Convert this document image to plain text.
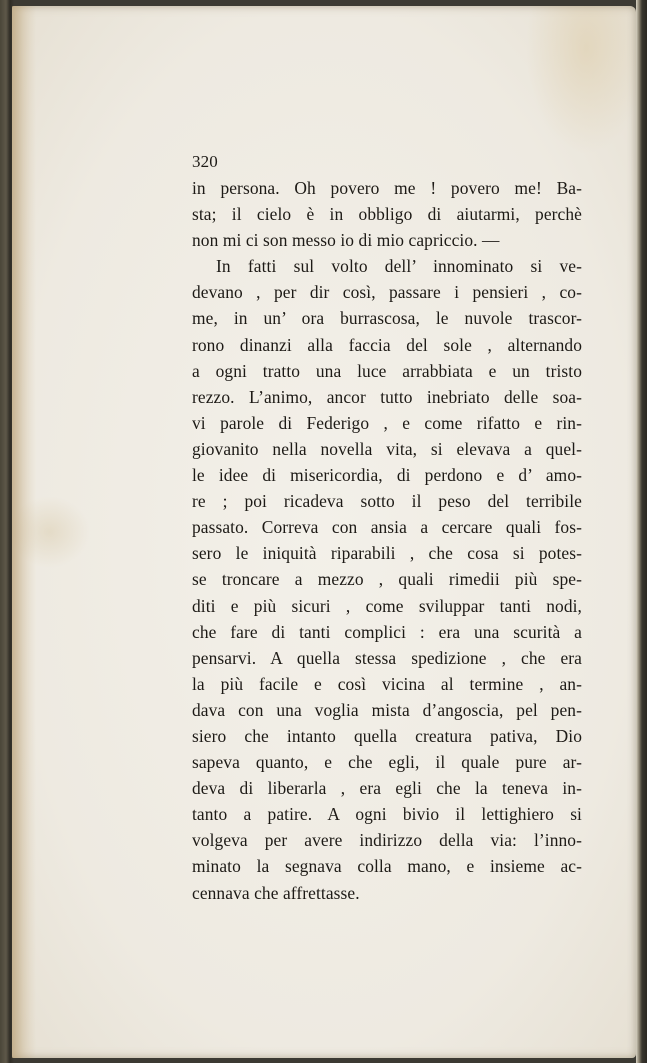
320
in persona. Oh povero me ! povero me! Ba-
sta; il cielo è in obbligo di aiutarmi, perchè
non mi ci son messo io di mio capriccio. —
In fatti sul volto dell’ innominato si ve-
devano , per dir così, passare i pensieri , co-
me, in un’ ora burrascosa, le nuvole trascor-
rono dinanzi alla faccia del sole , alternando
a ogni tratto una luce arrabbiata e un tristo
rezzo. L’animo, ancor tutto inebriato delle soa-
vi parole di Federigo , e come rifatto e rin-
giovanito nella novella vita, si elevava a quel-
le idee di misericordia, di perdono e d’ amo-
re ; poi ricadeva sotto il peso del terribile
passato. Correva con ansia a cercare quali fos-
sero le iniquità riparabili , che cosa si potes-
se troncare a mezzo , quali rimedii più spe-
diti e più sicuri , come sviluppar tanti nodi,
che fare di tanti complici : era una scurità a
pensarvi. A quella stessa spedizione , che era
la più facile e così vicina al termine , an-
dava con una voglia mista d’angoscia, pel pen-
siero che intanto quella creatura pativa, Dio
sapeva quanto, e che egli, il quale pure ar-
deva di liberarla , era egli che la teneva in-
tanto a patire. A ogni bivio il lettighiero si
volgeva per avere indirizzo della via: l’inno-
minato la segnava colla mano, e insieme ac-
cennava che affrettasse.
